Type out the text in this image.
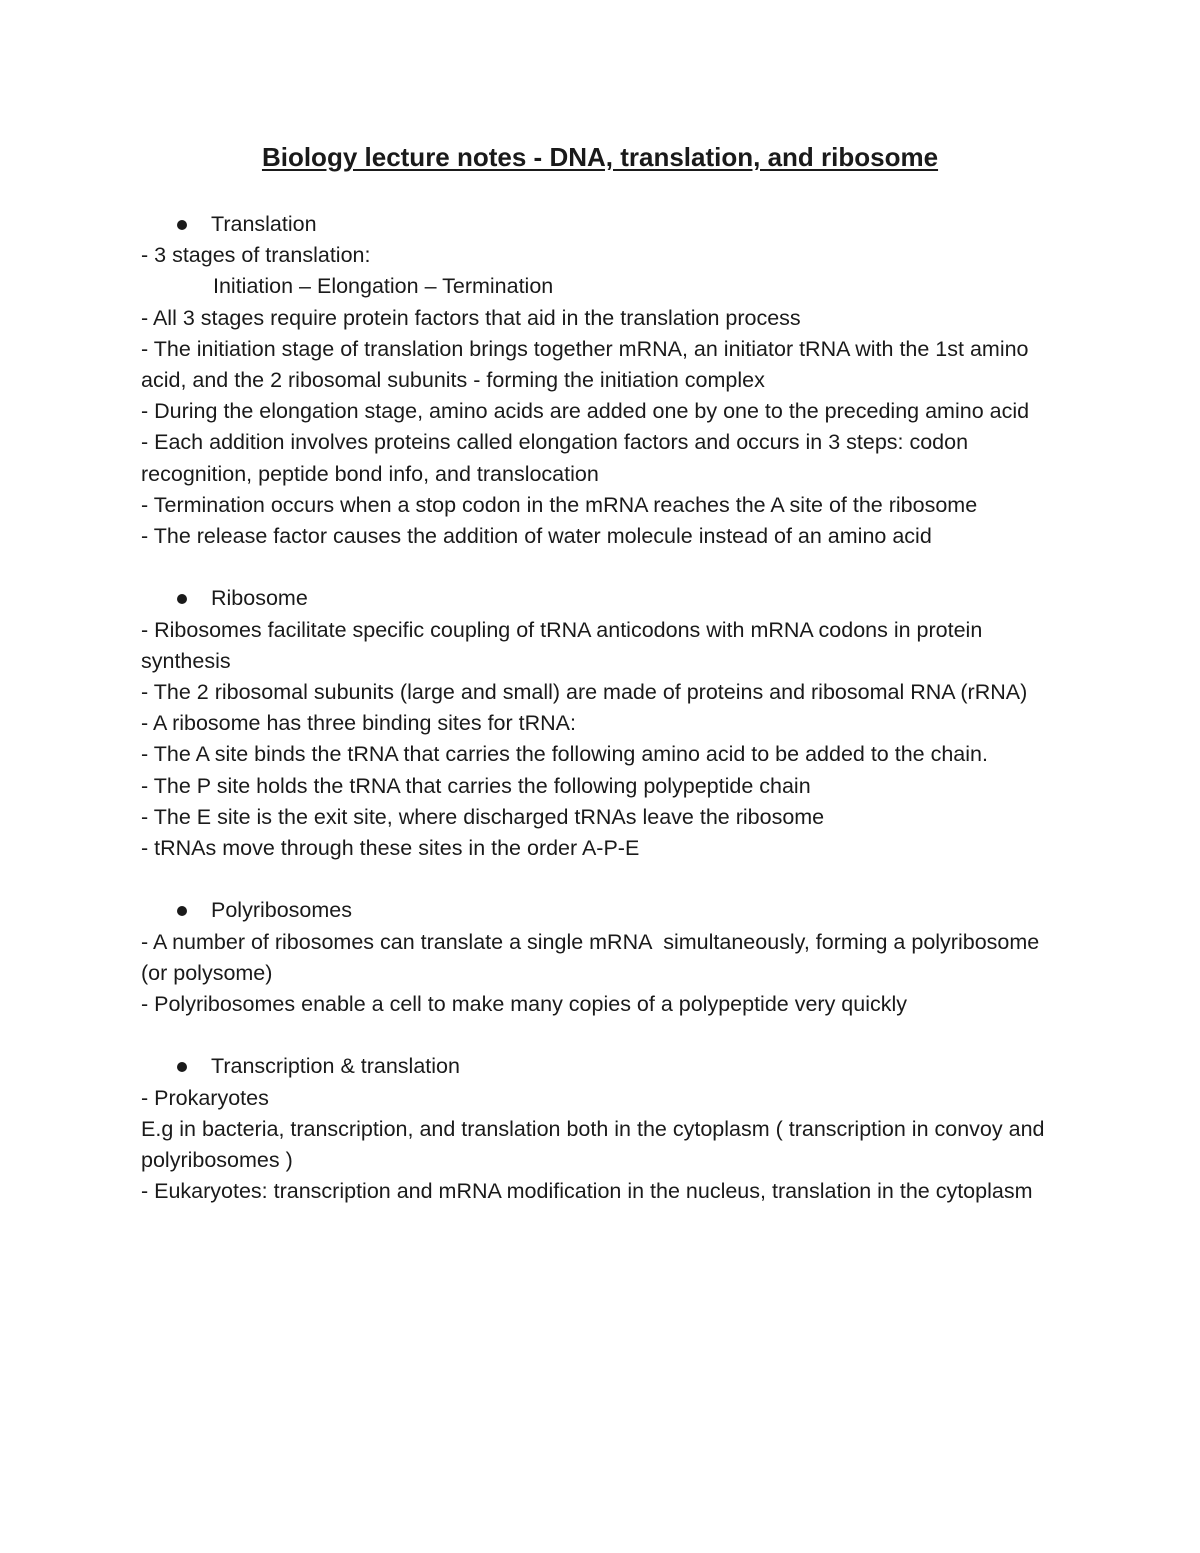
Biology lecture notes - DNA, translation, and ribosome
Translation
- 3 stages of translation:
Initiation – Elongation – Termination
- All 3 stages require protein factors that aid in the translation process
- The initiation stage of translation brings together mRNA, an initiator tRNA with the 1st amino acid, and the 2 ribosomal subunits - forming the initiation complex
- During the elongation stage, amino acids are added one by one to the preceding amino acid
- Each addition involves proteins called elongation factors and occurs in 3 steps: codon recognition, peptide bond info, and translocation
- Termination occurs when a stop codon in the mRNA reaches the A site of the ribosome
- The release factor causes the addition of water molecule instead of an amino acid
Ribosome
- Ribosomes facilitate specific coupling of tRNA anticodons with mRNA codons in protein synthesis
- The 2 ribosomal subunits (large and small) are made of proteins and ribosomal RNA (rRNA)
- A ribosome has three binding sites for tRNA:
- The A site binds the tRNA that carries the following amino acid to be added to the chain.
- The P site holds the tRNA that carries the following polypeptide chain
- The E site is the exit site, where discharged tRNAs leave the ribosome
- tRNAs move through these sites in the order A-P-E
Polyribosomes
- A number of ribosomes can translate a single mRNA  simultaneously, forming a polyribosome (or polysome)
- Polyribosomes enable a cell to make many copies of a polypeptide very quickly
Transcription & translation
- Prokaryotes
E.g in bacteria, transcription, and translation both in the cytoplasm ( transcription in convoy and polyribosomes )
- Eukaryotes: transcription and mRNA modification in the nucleus, translation in the cytoplasm
